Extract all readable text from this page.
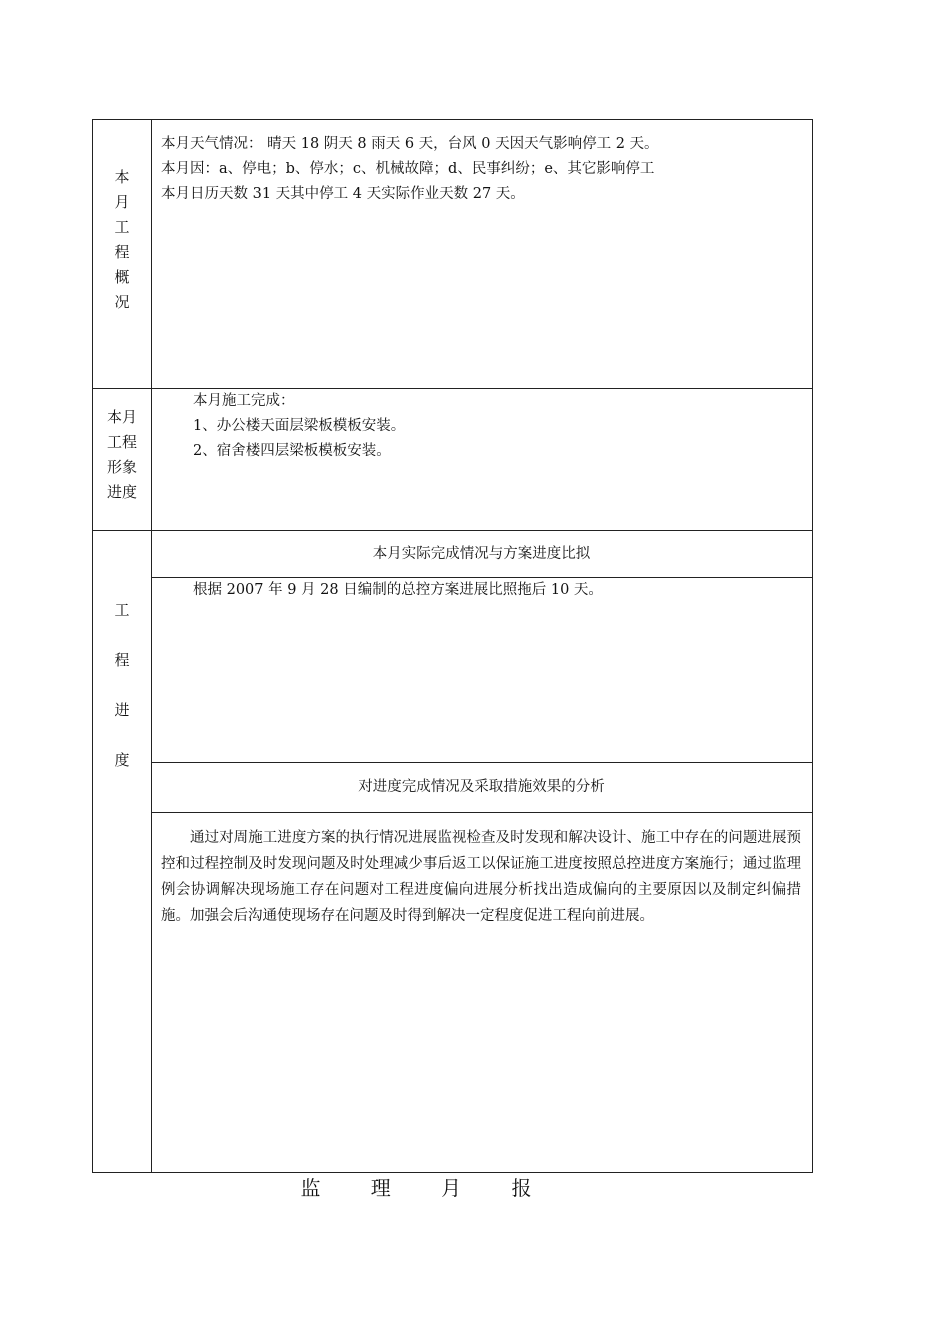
本
月
工
程
概
况
本月天气情况： 晴天 18 阴天 8 雨天 6 天，台风 0 天因天气影响停工 2 天。
本月因：a、停电；b、停水；c、机械故障；d、民事纠纷；e、其它影响停工
本月日历天数 31 天其中停工 4 天实际作业天数 27 天。
本月
工程
形象
进度
本月施工完成：
1、办公楼天面层梁板模板安装。
2、宿舍楼四层梁板模板安装。
工
程
进
度
本月实际完成情况与方案进度比拟
根据 2007 年 9 月 28 日编制的总控方案进展比照拖后 10 天。
对进度完成情况及采取措施效果的分析
通过对周施工进度方案的执行情况进展监视检查及时发现和解决设计、施工中存在的问题进展预控和过程控制及时发现问题及时处理减少事后返工以保证施工进度按照总控进度方案施行；通过监理例会协调解决现场施工存在问题对工程进度偏向进展分析找出造成偏向的主要原因以及制定纠偏措施。加强会后沟通使现场存在问题及时得到解决一定程度促进工程向前进展。
监 理 月 报
